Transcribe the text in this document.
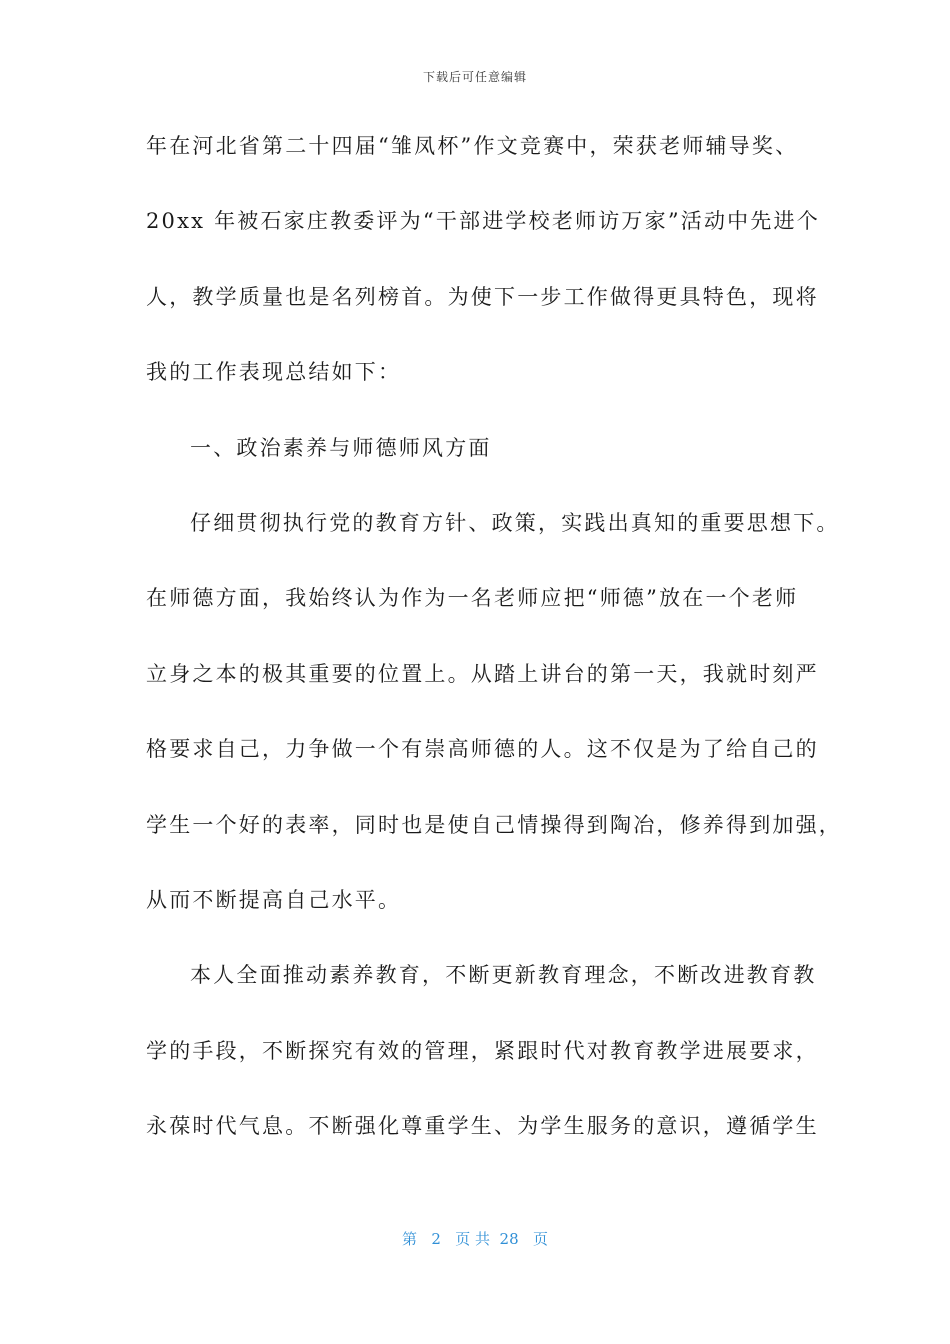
下载后可任意编辑
年在河北省第二十四届“雏凤杯”作文竞赛中，荣获老师辅导奖、
20xx 年被石家庄教委评为“干部进学校老师访万家”活动中先进个
人，教学质量也是名列榜首。为使下一步工作做得更具特色，现将
我的工作表现总结如下：
一、政治素养与师德师风方面
仔细贯彻执行党的教育方针、政策，实践出真知的重要思想下。
在师德方面，我始终认为作为一名老师应把“师德”放在一个老师
立身之本的极其重要的位置上。从踏上讲台的第一天，我就时刻严
格要求自己，力争做一个有崇高师德的人。这不仅是为了给自己的
学生一个好的表率，同时也是使自己情操得到陶冶，修养得到加强，
从而不断提高自己水平。
本人全面推动素养教育，不断更新教育理念，不断改进教育教
学的手段，不断探究有效的管理，紧跟时代对教育教学进展要求，
永葆时代气息。不断强化尊重学生、为学生服务的意识，遵循学生
第 2 页 共 28 页
